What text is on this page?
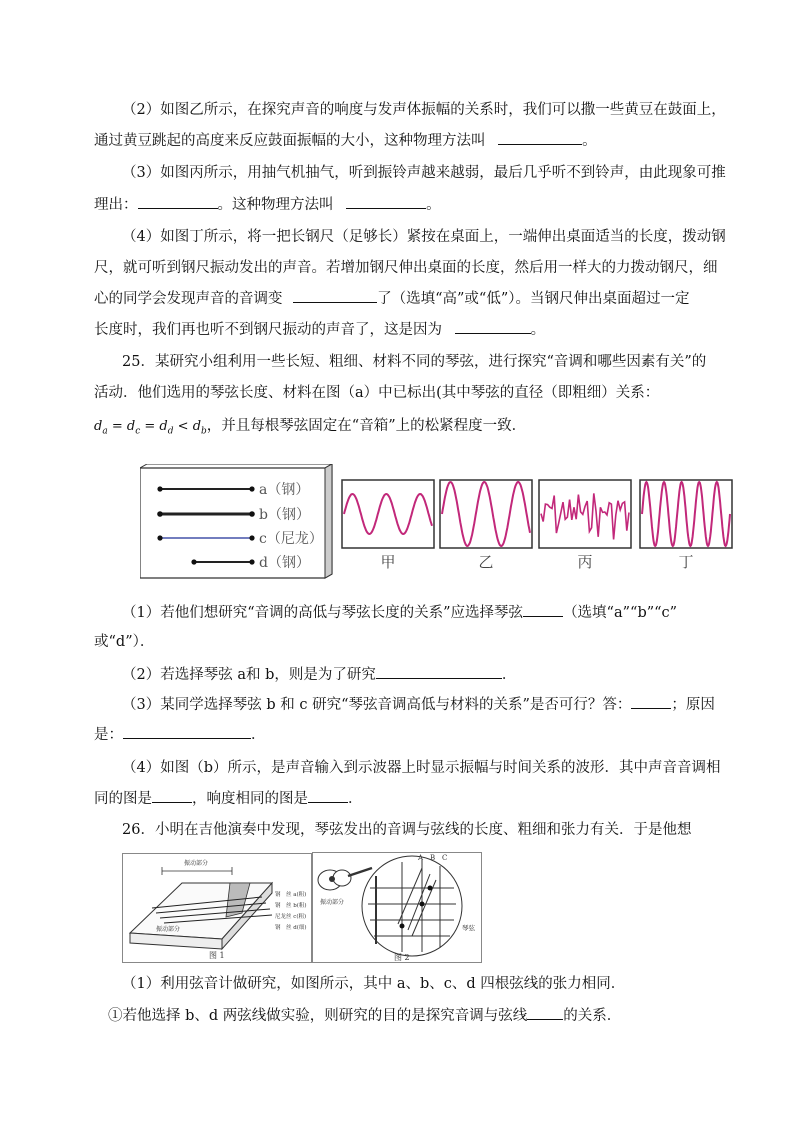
（2）如图乙所示，在探究声音的响度与发声体振幅的关系时，我们可以撒一些黄豆在鼓面上，
通过黄豆跳起的高度来反应鼓面振幅的大小，这种物理方法叫	。
（3）如图丙所示，用抽气机抽气，听到振铃声越来越弱，最后几乎听不到铃声，由此现象可推
理出：	。这种物理方法叫	。
（4）如图丁所示，将一把长钢尺（足够长）紧按在桌面上，一端伸出桌面适当的长度，拨动钢
尺，就可听到钢尺振动发出的声音。若增加钢尺伸出桌面的长度，然后用一样大的力拨动钢尺，细
心的同学会发现声音的音调变	了（选填“高”或“低”）。当钢尺伸出桌面超过一定
长度时，我们再也听不到钢尺振动的声音了，这是因为	。
25．某研究小组利用一些长短、粗细、材料不同的琴弦，进行探究“音调和哪些因素有关”的
活动．他们选用的琴弦长度、材料在图（a）中已标出(其中琴弦的直径（即粗细）关系：
$d_a = d_c = d_d < d_b$，并且每根琴弦固定在“音箱”上的松紧程度一致．
a（钢）
b（钢）
c（尼龙）
d（钢）	甲	乙	丙	丁
（1）若他们想研究“音调的高低与琴弦长度的关系”应选择琴弦	（选填“a”“b”“c”
或“d”）．
（2）若选择琴弦 a和 b，则是为了研究	．
（3）某同学选择琴弦 b 和 c 研究“琴弦音调高低与材料的关系”是否可行？答：	；原因
是：	．
（4）如图（b）所示，是声音输入到示波器上时显示振幅与时间关系的波形．其中声音音调相
同的图是	，响度相同的图是	．
26．小明在吉他演奏中发现，琴弦发出的音调与弦线的长度、粗细和张力有关．于是他想
振动部分
振动部分
钢　丝 a(粗)
钢　丝 b(粗)
尼龙丝 c(粗)
钢　丝 d(细)
图 1
振动部分
A B C
琴弦
图 2
（1）利用弦音计做研究，如图所示，其中 a、b、c、d 四根弦线的张力相同．
①若他选择 b、d 两弦线做实验，则研究的目的是探究音调与弦线 的关系．
